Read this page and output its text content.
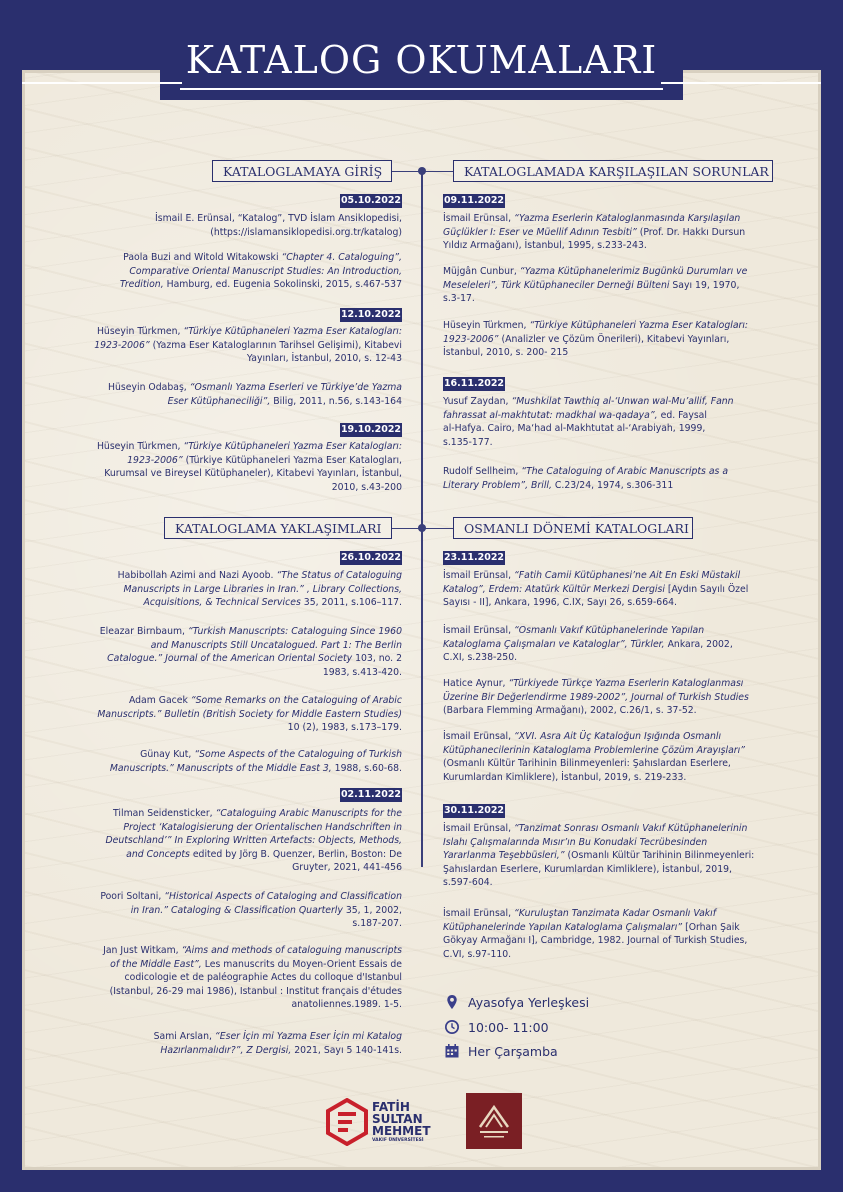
KATALOG OKUMALARI
KATALOGLAMAYA GİRİŞ	KATALOGLAMADA KARŞILAŞILAN SORUNLAR
KATALOGLAMA YAKLAŞIMLARI	OSMANLI DÖNEMİ KATALOGLARI
05.10.2022
12.10.2022
19.10.2022
09.11.2022
16.11.2022
26.10.2022
02.11.2022
23.11.2022
30.11.2022
İsmail E. Erünsal, “Katalog”, TVD İslam Ansiklopedisi,
(https://islamansiklopedisi.org.tr/katalog)
Paola Buzi and Witold Witakowski “Chapter 4. Cataloguing”,
Comparative Oriental Manuscript Studies: An Introduction,
Tredition, Hamburg, ed. Eugenia Sokolinski, 2015, s.467-537
Hüseyin Türkmen, “Türkiye Kütüphaneleri Yazma Eser Katalogları:
1923-2006” (Yazma Eser Kataloglarının Tarihsel Gelişimi), Kitabevi
Yayınları, İstanbul, 2010, s. 12-43
Hüseyin Odabaş, “Osmanlı Yazma Eserleri ve Türkiye’de Yazma
Eser Kütüphaneciliği”, Bilig, 2011, n.56, s.143-164
Hüseyin Türkmen, “Türkiye Kütüphaneleri Yazma Eser Katalogları:
1923-2006” (Türkiye Kütüphaneleri Yazma Eser Katalogları,
Kurumsal ve Bireysel Kütüphaneler), Kitabevi Yayınları, İstanbul,
2010, s.43-200
İsmail Erünsal, “Yazma Eserlerin Kataloglanmasında Karşılaşılan
Güçlükler I: Eser ve Müellif Adının Tesbiti” (Prof. Dr. Hakkı Dursun
Yıldız Armağanı), İstanbul, 1995, s.233-243.
Müjgân Cunbur, “Yazma Kütüphanelerimiz Bugünkü Durumları ve
Meseleleri”, Türk Kütüphaneciler Derneği Bülteni Sayı 19, 1970,
s.3-17.
Hüseyin Türkmen, “Türkiye Kütüphaneleri Yazma Eser Katalogları:
1923-2006” (Analizler ve Çözüm Önerileri), Kitabevi Yayınları,
İstanbul, 2010, s. 200- 215
Yusuf Zaydan, “Mushkilat Tawthiq al-‘Unwan wal-Mu’allif, Fann
fahrassat al-makhtutat: madkhal wa-qadaya”, ed. Faysal
al-Hafya. Cairo, Ma‘had al-Makhtutat al-‘Arabiyah, 1999,
s.135-177.
Rudolf Sellheim, “The Cataloguing of Arabic Manuscripts as a
Literary Problem”, Brill, C.23/24, 1974, s.306-311
Habibollah Azimi and Nazi Ayoob. “The Status of Cataloguing
Manuscripts in Large Libraries in Iran.” , Library Collections,
Acquisitions, & Technical Services 35, 2011, s.106–117.
Eleazar Birnbaum, “Turkish Manuscripts: Cataloguing Since 1960
and Manuscripts Still Uncatalogued. Part 1: The Berlin
Catalogue.” Journal of the American Oriental Society 103, no. 2
1983, s.413-420.
Adam Gacek “Some Remarks on the Cataloguing of Arabic
Manuscripts.” Bulletin (British Society for Middle Eastern Studies)
10 (2), 1983, s.173–179.
Günay Kut, “Some Aspects of the Cataloguing of Turkish
Manuscripts.” Manuscripts of the Middle East 3, 1988, s.60-68.
Tilman Seidensticker, “Cataloguing Arabic Manuscripts for the
Project ‘Katalogisierung der Orientalischen Handschriften in
Deutschland’” In Exploring Written Artefacts: Objects, Methods,
and Concepts edited by Jörg B. Quenzer, Berlin, Boston: De
Gruyter, 2021, 441-456
Poori Soltani, “Historical Aspects of Cataloging and Classification
in Iran.” Cataloging & Classification Quarterly 35, 1, 2002,
s.187-207.
Jan Just Witkam, “Aims and methods of cataloguing manuscripts
of the Middle East”, Les manuscrits du Moyen-Orient Essais de
codicologie et de paléographie Actes du colloque d'Istanbul
(Istanbul, 26-29 mai 1986), Istanbul : Institut français d'études
anatoliennes.1989. 1-5.
Sami Arslan, “Eser İçin mi Yazma Eser İçin mi Katalog
Hazırlanmalıdır?”, Z Dergisi, 2021, Sayı 5 140-141s.
İsmail Erünsal, “Fatih Camii Kütüphanesi’ne Ait En Eski Müstakil
Katalog”, Erdem: Atatürk Kültür Merkezi Dergisi [Aydın Sayılı Özel
Sayısı - II], Ankara, 1996, C.IX, Sayı 26, s.659-664.
İsmail Erünsal, “Osmanlı Vakıf Kütüphanelerinde Yapılan
Kataloglama Çalışmaları ve Kataloglar”, Türkler, Ankara, 2002,
C.XI, s.238-250.
Hatice Aynur, “Türkiyede Türkçe Yazma Eserlerin Kataloglanması
Üzerine Bir Değerlendirme 1989-2002”, Journal of Turkish Studies
(Barbara Flemming Armağanı), 2002, C.26/1, s. 37-52.
İsmail Erünsal, “XVI. Asra Ait Üç Kataloğun Işığında Osmanlı
Kütüphanecilerinin Kataloglama Problemlerine Çözüm Arayışları”
(Osmanlı Kültür Tarihinin Bilinmeyenleri: Şahıslardan Eserlere,
Kurumlardan Kimliklere), İstanbul, 2019, s. 219-233.
İsmail Erünsal, “Tanzimat Sonrası Osmanlı Vakıf Kütüphanelerinin
Islahı Çalışmalarında Mısır’ın Bu Konudaki Tecrübesinden
Yararlanma Teşebbüsleri,” (Osmanlı Kültür Tarihinin Bilinmeyenleri:
Şahıslardan Eserlere, Kurumlardan Kimliklere), İstanbul, 2019,
s.597-604.
İsmail Erünsal, “Kuruluştan Tanzimata Kadar Osmanlı Vakıf
Kütüphanelerinde Yapılan Kataloglama Çalışmaları” [Orhan Şaik
Gökyay Armağanı I], Cambridge, 1982. Journal of Turkish Studies,
C.VI, s.97-110.
Ayasofya Yerleşkesi
10:00- 11:00
Her Çarşamba
FATİH
SULTAN
MEHMET
VAKIF ÜNİVERSİTESİ
